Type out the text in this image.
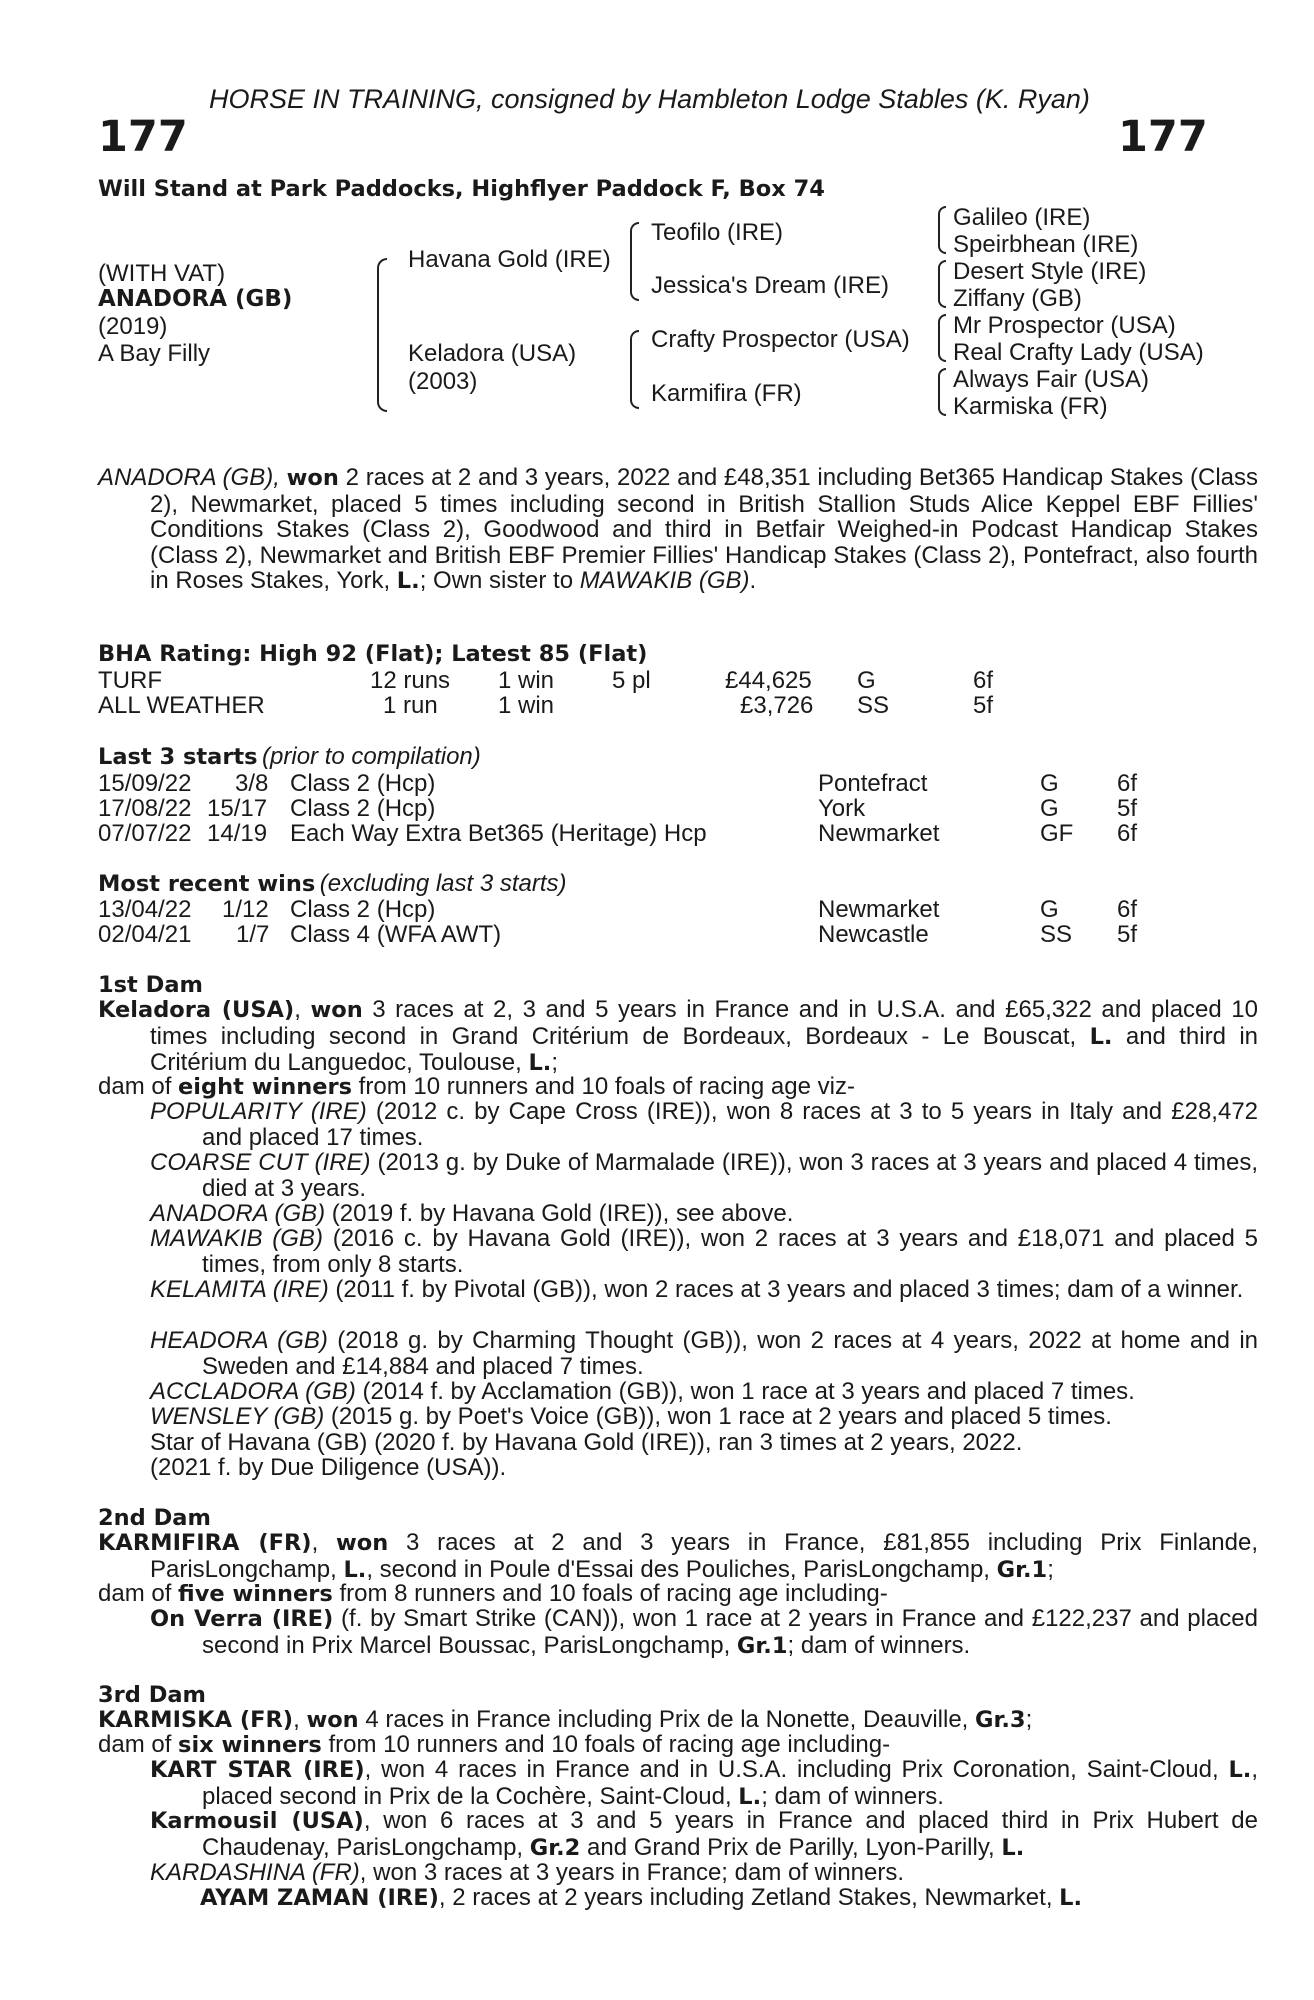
HORSE IN TRAINING, consigned by Hambleton Lodge Stables (K. Ryan)
177	177
Will Stand at Park Paddocks, Highflyer Paddock F, Box 74
(WITH VAT)
ANADORA (GB)
(2019)
A Bay Filly
Havana Gold (IRE)
Keladora (USA)
(2003)
Teofilo (IRE)
Jessica's Dream (IRE)
Crafty Prospector (USA)
Karmifira (FR)
Galileo (IRE)
Speirbhean (IRE)
Desert Style (IRE)
Ziffany (GB)
Mr Prospector (USA)
Real Crafty Lady (USA)
Always Fair (USA)
Karmiska (FR)
ANADORA (GB), won 2 races at 2 and 3 years, 2022 and £48,351 including Bet365 Handicap Stakes (Class 2), Newmarket, placed 5 times including second in British Stallion Studs Alice Keppel EBF Fillies' Conditions Stakes (Class 2), Goodwood and third in Betfair Weighed-in Podcast Handicap Stakes (Class 2), Newmarket and British EBF Premier Fillies' Handicap Stakes (Class 2), Pontefract, also fourth in Roses Stakes, York, L.; Own sister to MAWAKIB (GB).
BHA Rating: High 92 (Flat); Latest 85 (Flat)
TURF	12 runs 1 win 5 pl	£44,625 G	6f
ALL WEATHER	1 run	1 win	£3,726 SS	5f
Last 3 starts (prior to compilation)
15/09/22 3/8 Class 2 (Hcp)	Pontefract	G 6f
17/08/22 15/17 Class 2 (Hcp)	York	G 5f
07/07/22 14/19 Each Way Extra Bet365 (Heritage) Hcp	Newmarket	GF 6f
Most recent wins (excluding last 3 starts)
13/04/22 1/12 Class 2 (Hcp)	Newmarket	G 6f
02/04/21 1/7 Class 4 (WFA AWT)	Newcastle	SS 5f
1st Dam
Keladora (USA), won 3 races at 2, 3 and 5 years in France and in U.S.A. and £65,322 and placed 10 times including second in Grand Critérium de Bordeaux, Bordeaux - Le Bouscat, L. and third in Critérium du Languedoc, Toulouse, L.;
dam of eight winners from 10 runners and 10 foals of racing age viz-
POPULARITY (IRE) (2012 c. by Cape Cross (IRE)), won 8 races at 3 to 5 years in Italy and £28,472 and placed 17 times.
COARSE CUT (IRE) (2013 g. by Duke of Marmalade (IRE)), won 3 races at 3 years and placed 4 times, died at 3 years.
ANADORA (GB) (2019 f. by Havana Gold (IRE)), see above.
MAWAKIB (GB) (2016 c. by Havana Gold (IRE)), won 2 races at 3 years and £18,071 and placed 5 times, from only 8 starts.
KELAMITA (IRE) (2011 f. by Pivotal (GB)), won 2 races at 3 years and placed 3 times; dam of a winner.
HEADORA (GB) (2018 g. by Charming Thought (GB)), won 2 races at 4 years, 2022 at home and in Sweden and £14,884 and placed 7 times.
ACCLADORA (GB) (2014 f. by Acclamation (GB)), won 1 race at 3 years and placed 7 times.
WENSLEY (GB) (2015 g. by Poet's Voice (GB)), won 1 race at 2 years and placed 5 times.
Star of Havana (GB) (2020 f. by Havana Gold (IRE)), ran 3 times at 2 years, 2022.
(2021 f. by Due Diligence (USA)).
2nd Dam
KARMIFIRA (FR), won 3 races at 2 and 3 years in France, £81,855 including Prix Finlande, ParisLongchamp, L., second in Poule d'Essai des Pouliches, ParisLongchamp, Gr.1;
dam of five winners from 8 runners and 10 foals of racing age including-
On Verra (IRE) (f. by Smart Strike (CAN)), won 1 race at 2 years in France and £122,237 and placed second in Prix Marcel Boussac, ParisLongchamp, Gr.1; dam of winners.
3rd Dam
KARMISKA (FR), won 4 races in France including Prix de la Nonette, Deauville, Gr.3;
dam of six winners from 10 runners and 10 foals of racing age including-
KART STAR (IRE), won 4 races in France and in U.S.A. including Prix Coronation, Saint-Cloud, L., placed second in Prix de la Cochère, Saint-Cloud, L.; dam of winners.
Karmousil (USA), won 6 races at 3 and 5 years in France and placed third in Prix Hubert de Chaudenay, ParisLongchamp, Gr.2 and Grand Prix de Parilly, Lyon-Parilly, L.
KARDASHINA (FR), won 3 races at 3 years in France; dam of winners.
AYAM ZAMAN (IRE), 2 races at 2 years including Zetland Stakes, Newmarket, L.
